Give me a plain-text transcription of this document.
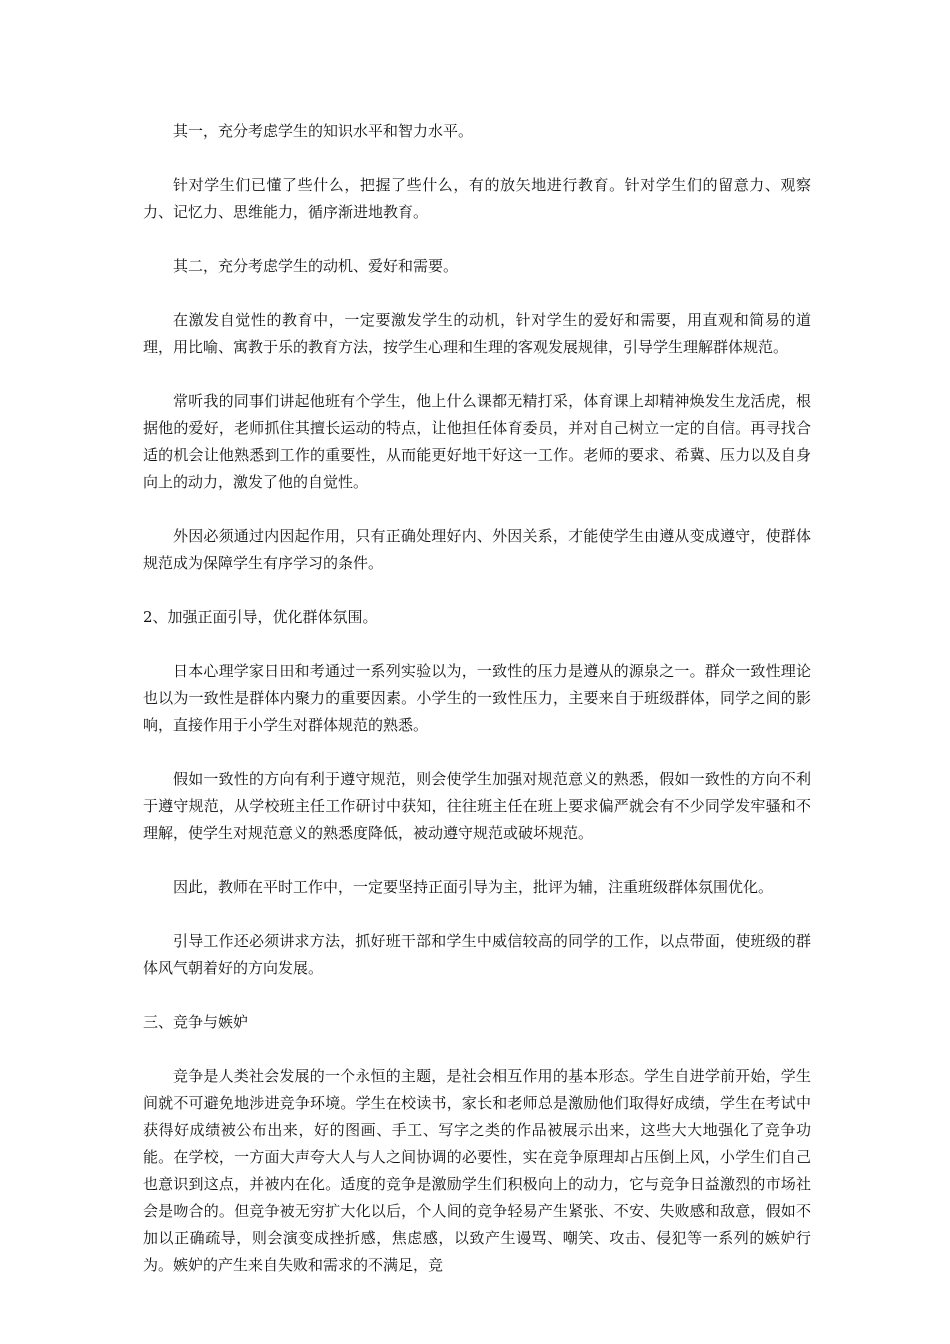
其一，充分考虑学生的知识水平和智力水平。

针对学生们已懂了些什么，把握了些什么，有的放矢地进行教育。针对学生们的留意力、观察力、记忆力、思维能力，循序渐进地教育。

其二，充分考虑学生的动机、爱好和需要。

在激发自觉性的教育中，一定要激发学生的动机，针对学生的爱好和需要，用直观和简易的道理，用比喻、寓教于乐的教育方法，按学生心理和生理的客观发展规律，引导学生理解群体规范。

常听我的同事们讲起他班有个学生，他上什么课都无精打采，体育课上却精神焕发生龙活虎，根据他的爱好，老师抓住其擅长运动的特点，让他担任体育委员，并对自己树立一定的自信。再寻找合适的机会让他熟悉到工作的重要性，从而能更好地干好这一工作。老师的要求、希冀、压力以及自身向上的动力，激发了他的自觉性。

外因必须通过内因起作用，只有正确处理好内、外因关系，才能使学生由遵从变成遵守，使群体规范成为保障学生有序学习的条件。

2、加强正面引导，优化群体氛围。

日本心理学家日田和考通过一系列实验以为，一致性的压力是遵从的源泉之一。群众一致性理论也以为一致性是群体内聚力的重要因素。小学生的一致性压力，主要来自于班级群体，同学之间的影响，直接作用于小学生对群体规范的熟悉。

假如一致性的方向有利于遵守规范，则会使学生加强对规范意义的熟悉，假如一致性的方向不利于遵守规范，从学校班主任工作研讨中获知，往往班主任在班上要求偏严就会有不少同学发牢骚和不理解，使学生对规范意义的熟悉度降低，被动遵守规范或破坏规范。

因此，教师在平时工作中，一定要坚持正面引导为主，批评为辅，注重班级群体氛围优化。

引导工作还必须讲求方法，抓好班干部和学生中威信较高的同学的工作，以点带面，使班级的群体风气朝着好的方向发展。

三、竞争与嫉妒

竞争是人类社会发展的一个永恒的主题，是社会相互作用的基本形态。学生自进学前开始，学生间就不可避免地涉进竞争环境。学生在校读书，家长和老师总是激励他们取得好成绩，学生在考试中获得好成绩被公布出来，好的图画、手工、写字之类的作品被展示出来，这些大大地强化了竞争功能。在学校，一方面大声夸大人与人之间协调的必要性，实在竞争原理却占压倒上风，小学生们自己也意识到这点，并被内在化。适度的竞争是激励学生们积极向上的动力，它与竞争日益激烈的市场社会是吻合的。但竞争被无穷扩大化以后，个人间的竞争轻易产生紧张、不安、失败感和敌意，假如不加以正确疏导，则会演变成挫折感，焦虑感，以致产生谩骂、嘲笑、攻击、侵犯等一系列的嫉妒行为。嫉妒的产生来自失败和需求的不满足，竞
